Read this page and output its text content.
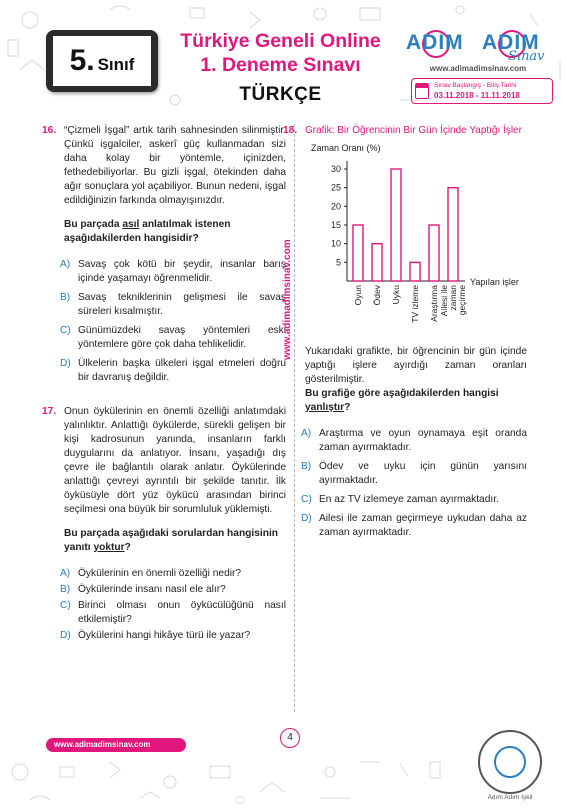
5. Sınıf
Türkiye Geneli Online
1. Deneme Sınavı
TÜRKÇE
ADIM ADIM
Sınav
www.adimadimsinav.com
Sınav Başlangıç - Bitiş Tarihi
03.11.2018 - 11.11.2018
16. “Çizmeli İşgal” artık tarih sahnesinden silinmiştir. Çünkü işgalciler, askerî güç kullanmadan sizi daha kolay bir yöntemle, içinizden, fethedebiliyorlar. Bu gizli işgal, ötekinden daha ağır sonuçlara yol açabiliyor. Bunun nedeni, işgal edildiğinizin farkında olmayışınızdır.

Bu parçada asıl anlatılmak istenen aşağıdakilerden hangisidir?

A) Savaş çok kötü bir şeydir, insanlar barış içinde yaşamayı öğrenmelidir.
B) Savaş tekniklerinin gelişmesi ile savaş süreleri kısalmıştır.
C) Günümüzdeki savaş yöntemleri eski yöntemlere göre çok daha tehlikelidir.
D) Ülkelerin başka ülkeleri işgal etmeleri doğru bir davranış değildir.
17. Onun öykülerinin en önemli özelliği anlatımdaki yalınlıktır. Anlattığı öykülerde, sürekli gelişen bir kişi kadrosunun yanında, insanların farklı duygularını da anlatıyor. İnsanı, yaşadığı dış çevre ile bağlantılı olarak anlatır. Öykülerinde anlattığı çevreyi ayrıntılı bir şekilde tanıtır. İlk öyküsüyle dört yüz öykücü arasından birinci seçilmesi ona büyük bir sorumluluk yüklemişti.

Bu parçada aşağıdaki sorulardan hangisinin yanıtı yoktur?

A) Öykülerinin en önemli özelliği nedir?
B) Öykülerinde insanı nasıl ele alır?
C) Birinci olması onun öykücülüğünü nasıl etkilemiştir?
D) Öykülerini hangi hikâye türü ile yazar?
www.adimadimsinav.com
18. Grafik: Bir Öğrencinin Bir Gün İçinde Yaptığı İşler
Zaman Oranı (%)
5
10
15
20
25
30
Yapılan işler
Oyun Ödev Uyku TV izleme Araştırma Ailesi ile zaman geçirme

Yukarıdaki grafikte, bir öğrencinin bir gün içinde yaptığı işlere ayırdığı zaman oranları gösterilmiştir.

Bu grafiğe göre aşağıdakilerden hangisi yanlıştır?

A) Araştırma ve oyun oynamaya eşit oranda zaman ayırmaktadır.
B) Ödev ve uyku için günün yarısını ayırmaktadır.
C) En az TV izlemeye zaman ayırmaktadır.
D) Ailesi ile zaman geçirmeye uykudan daha az zaman ayırmaktadır.
www.adimadimsinav.com
4
Adım Adım İşkil
